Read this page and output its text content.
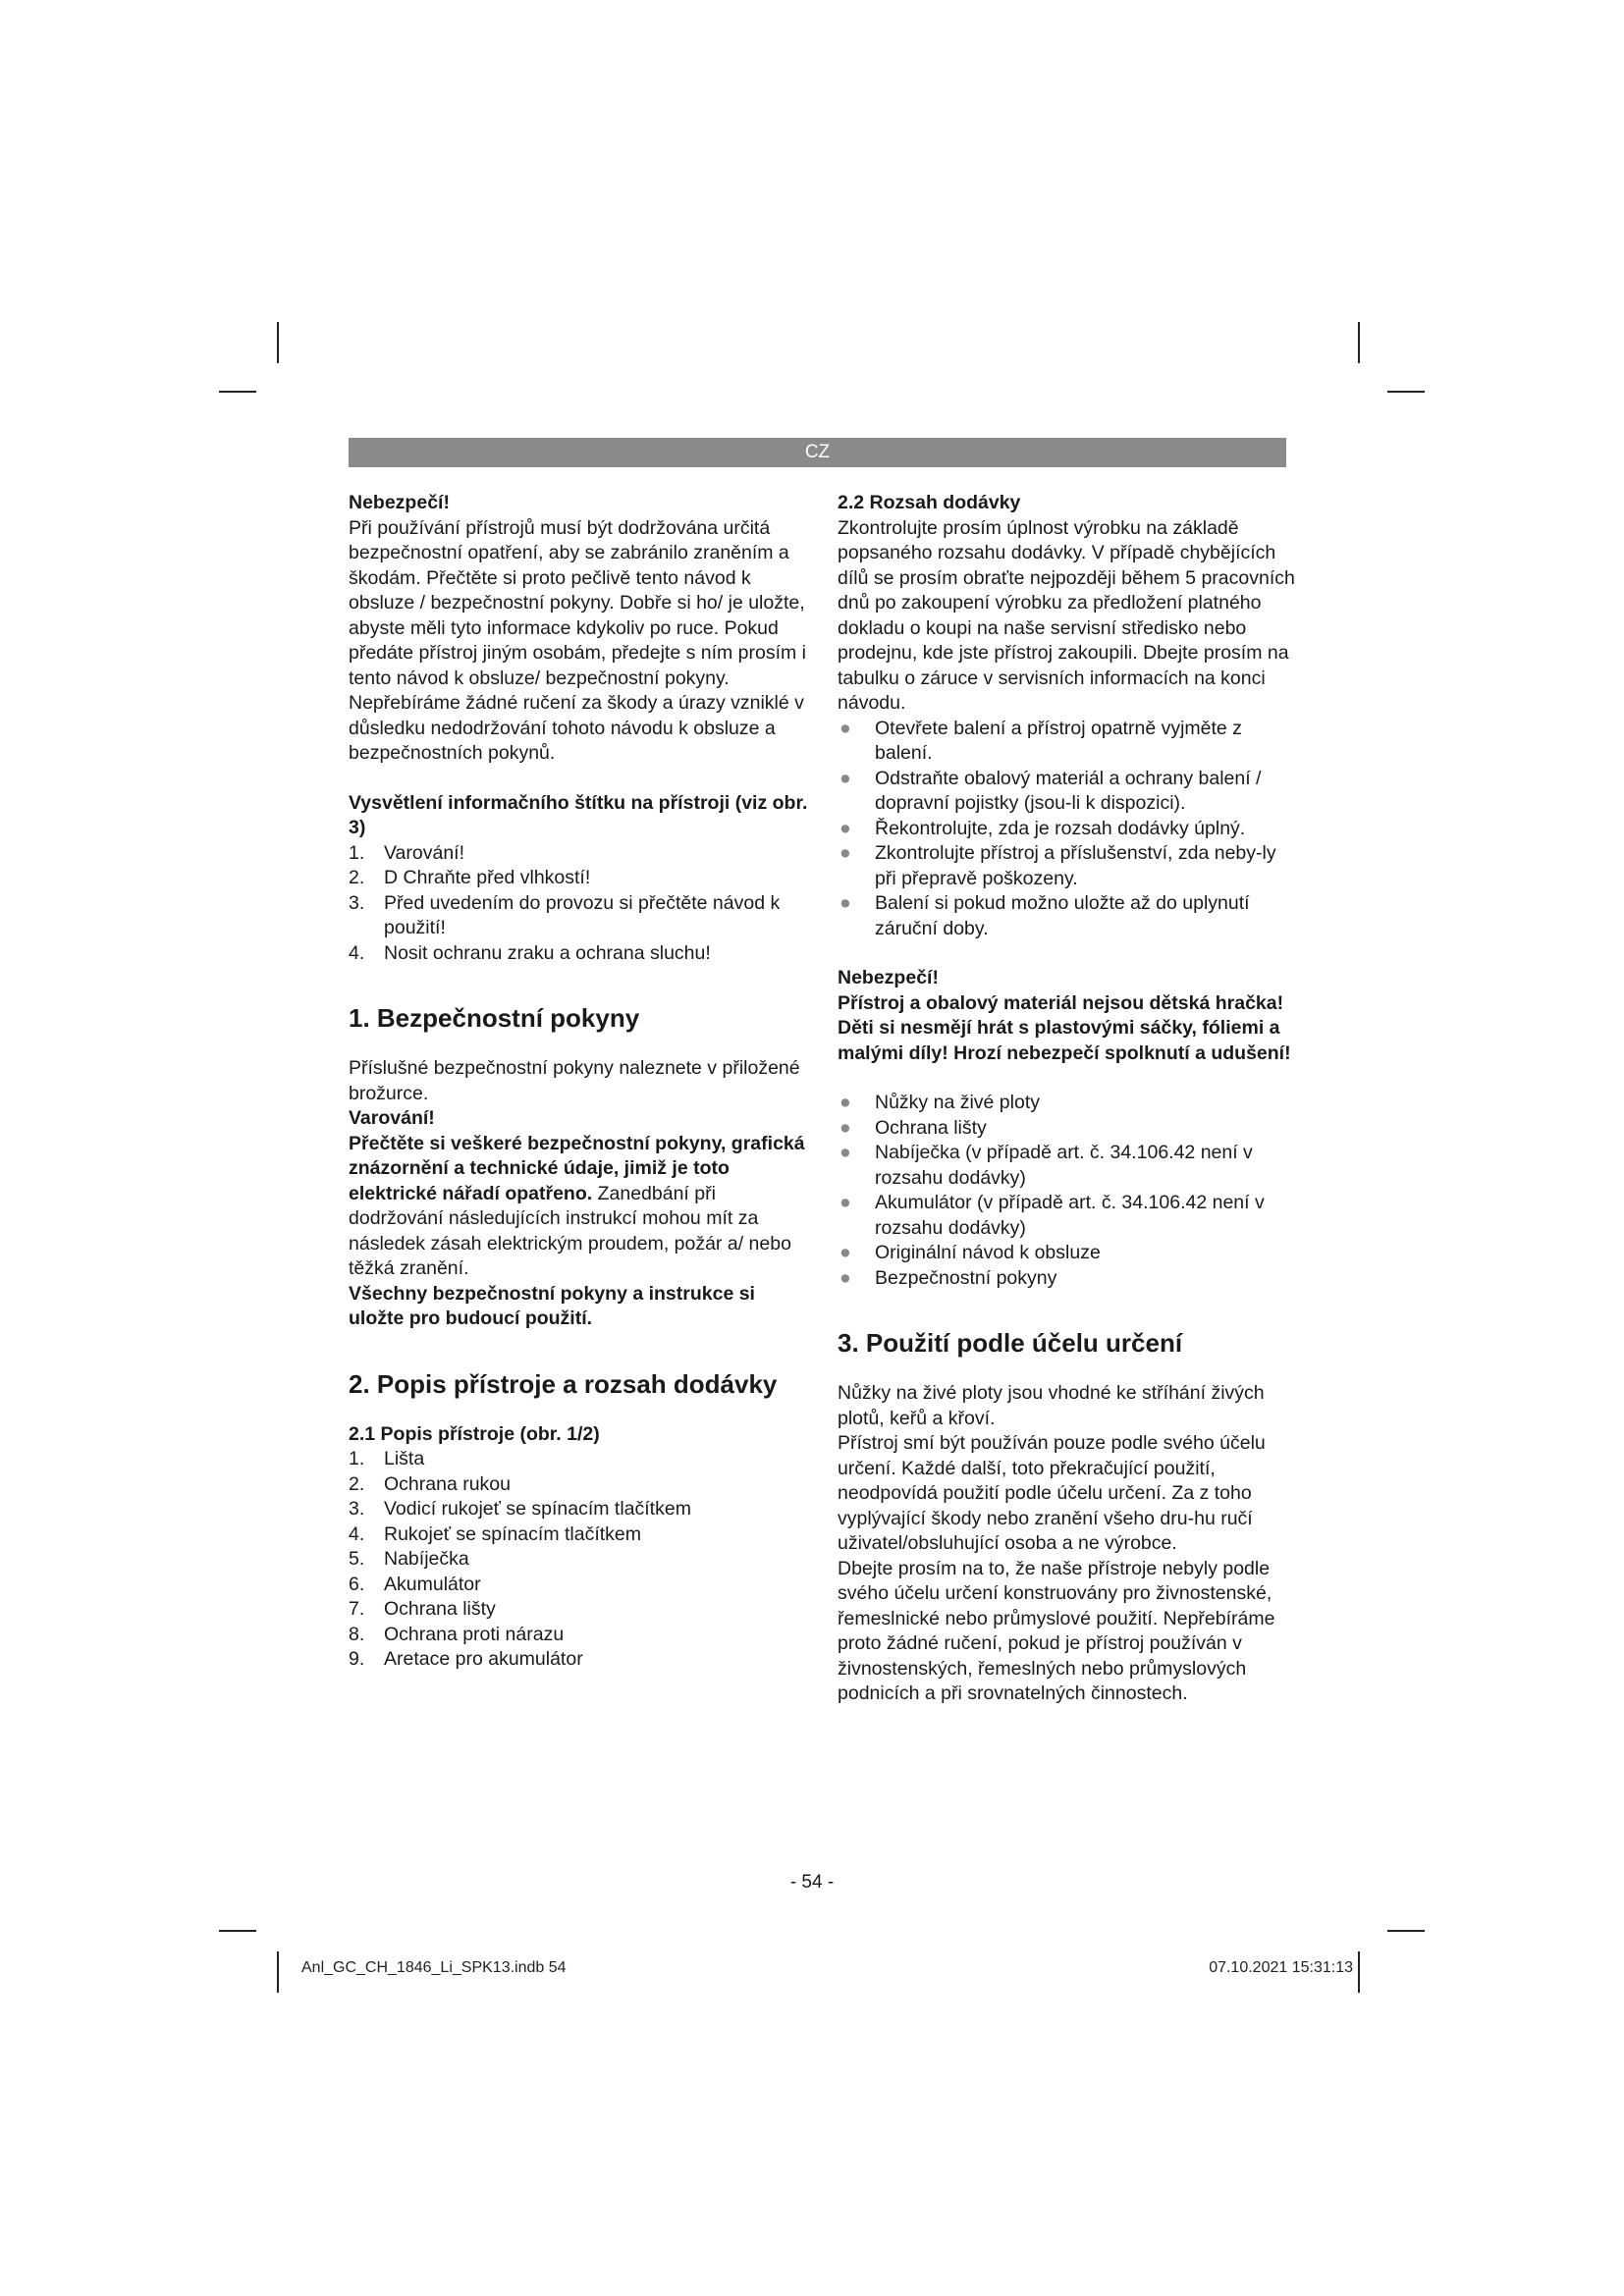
CZ

Nebezpečí!

Při používání přístrojů musí být dodržována určitá bezpečnostní opatření, aby se zabránilo zraněním a škodám. Přečtěte si proto pečlivě tento návod k obsluze / bezpečnostní pokyny. Dobře si ho/ je uložte, abyste měli tyto informace kdykoliv po ruce. Pokud předáte přístroj jiným osobám, předejte s ním prosím i tento návod k obsluze/ bezpečnostní pokyny. Nepřebíráme žádné ručení za škody a úrazy vzniklé v důsledku nedodržování tohoto návodu k obsluze a bezpečnostních pokynů.

Vysvětlení informačního štítku na přístroji (viz obr. 3)

1.	Varování!
2.	D Chraňte před vlhkostí!
3.	Před uvedením do provozu si přečtěte návod k použití!
4.	Nosit ochranu zraku a ochrana sluchu!
1. Bezpečnostní pokyny

Příslušné bezpečnostní pokyny naleznete v přiložené brožurce.

Varování!

Přečtěte si veškeré bezpečnostní pokyny, grafická znázornění a technické údaje, jimiž je toto elektrické nářadí opatřeno. Zanedbání při dodržování následujících instrukcí mohou mít za následek zásah elektrickým proudem, požár a/ nebo těžká zranění.

Všechny bezpečnostní pokyny a instrukce si uložte pro budoucí použití.

2. Popis přístroje a rozsah dodávky

2.1 Popis přístroje (obr. 1/2)

1.	Lišta
2.	Ochrana rukou
3.	Vodicí rukojeť se spínacím tlačítkem
4.	Rukojeť se spínacím tlačítkem
5.	Nabíječka
6.	Akumulátor
7.	Ochrana lišty
8.	Ochrana proti nárazu
9.	Aretace pro akumulátor

2.2 Rozsah dodávky

Zkontrolujte prosím úplnost výrobku na základě popsaného rozsahu dodávky. V případě chybějících dílů se prosím obraťte nejpozději během 5 pracovních dnů po zakoupení výrobku za předložení platného dokladu o koupi na naše servisní středisko nebo prodejnu, kde jste přístroj zakoupili. Dbejte prosím na tabulku o záruce v servisních informacích na konci návodu.

●	Otevřete balení a přístroj opatrně vyjměte z balení.
●	Odstraňte obalový materiál a ochrany balení / dopravní pojistky (jsou-li k dispozici).
●	Řekontrolujte, zda je rozsah dodávky úplný.
●	Zkontrolujte přístroj a příslušenství, zda neby-ly při přepravě poškozeny.
●	Balení si pokud možno uložte až do uplynutí záruční doby.

Nebezpečí!

Přístroj a obalový materiál nejsou dětská hračka! Děti si nesmějí hrát s plastovými sáčky, fóliemi a malými díly! Hrozí nebezpečí spolknutí a udušení!

●	Nůžky na živé ploty
●	Ochrana lišty
●	Nabíječka (v případě art. č. 34.106.42 není v rozsahu dodávky)
●	Akumulátor (v případě art. č. 34.106.42 není v rozsahu dodávky)
●	Originální návod k obsluze
●	Bezpečnostní pokyny
3. Použití podle účelu určení

Nůžky na živé ploty jsou vhodné ke stříhání živých plotů, keřů a křoví.

Přístroj smí být používán pouze podle svého účelu určení. Každé další, toto překračující použití, neodpovídá použití podle účelu určení. Za z toho vyplývající škody nebo zranění všeho dru-hu ručí uživatel/obsluhující osoba a ne výrobce.

Dbejte prosím na to, že naše přístroje nebyly podle svého účelu určení konstruovány pro živnostenské, řemeslnické nebo průmyslové použití. Nepřebíráme proto žádné ručení, pokud je přístroj používán v živnostenských, řemeslných nebo průmyslových podnicích a při srovnatelných činnostech.

- 54 -
Anl_GC_CH_1846_Li_SPK13.indb 54	07.10.2021 15:31:13
